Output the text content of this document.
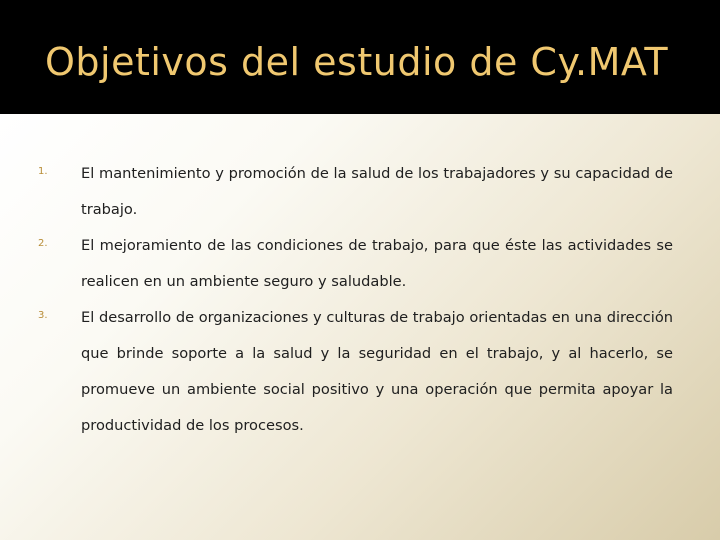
Objetivos del estudio de Cy.MAT
1.	El mantenimiento y promoción de la salud de los trabajadores y su capacidad de trabajo.

2.	El mejoramiento de las condiciones de trabajo, para que éste las actividades se realicen en un ambiente seguro y saludable.

3.	El desarrollo de organizaciones y culturas de trabajo orientadas en una dirección que brinde soporte a la salud y la seguridad en el trabajo, y al hacerlo, se promueve un ambiente social positivo y una operación que permita apoyar la productividad de los procesos.
